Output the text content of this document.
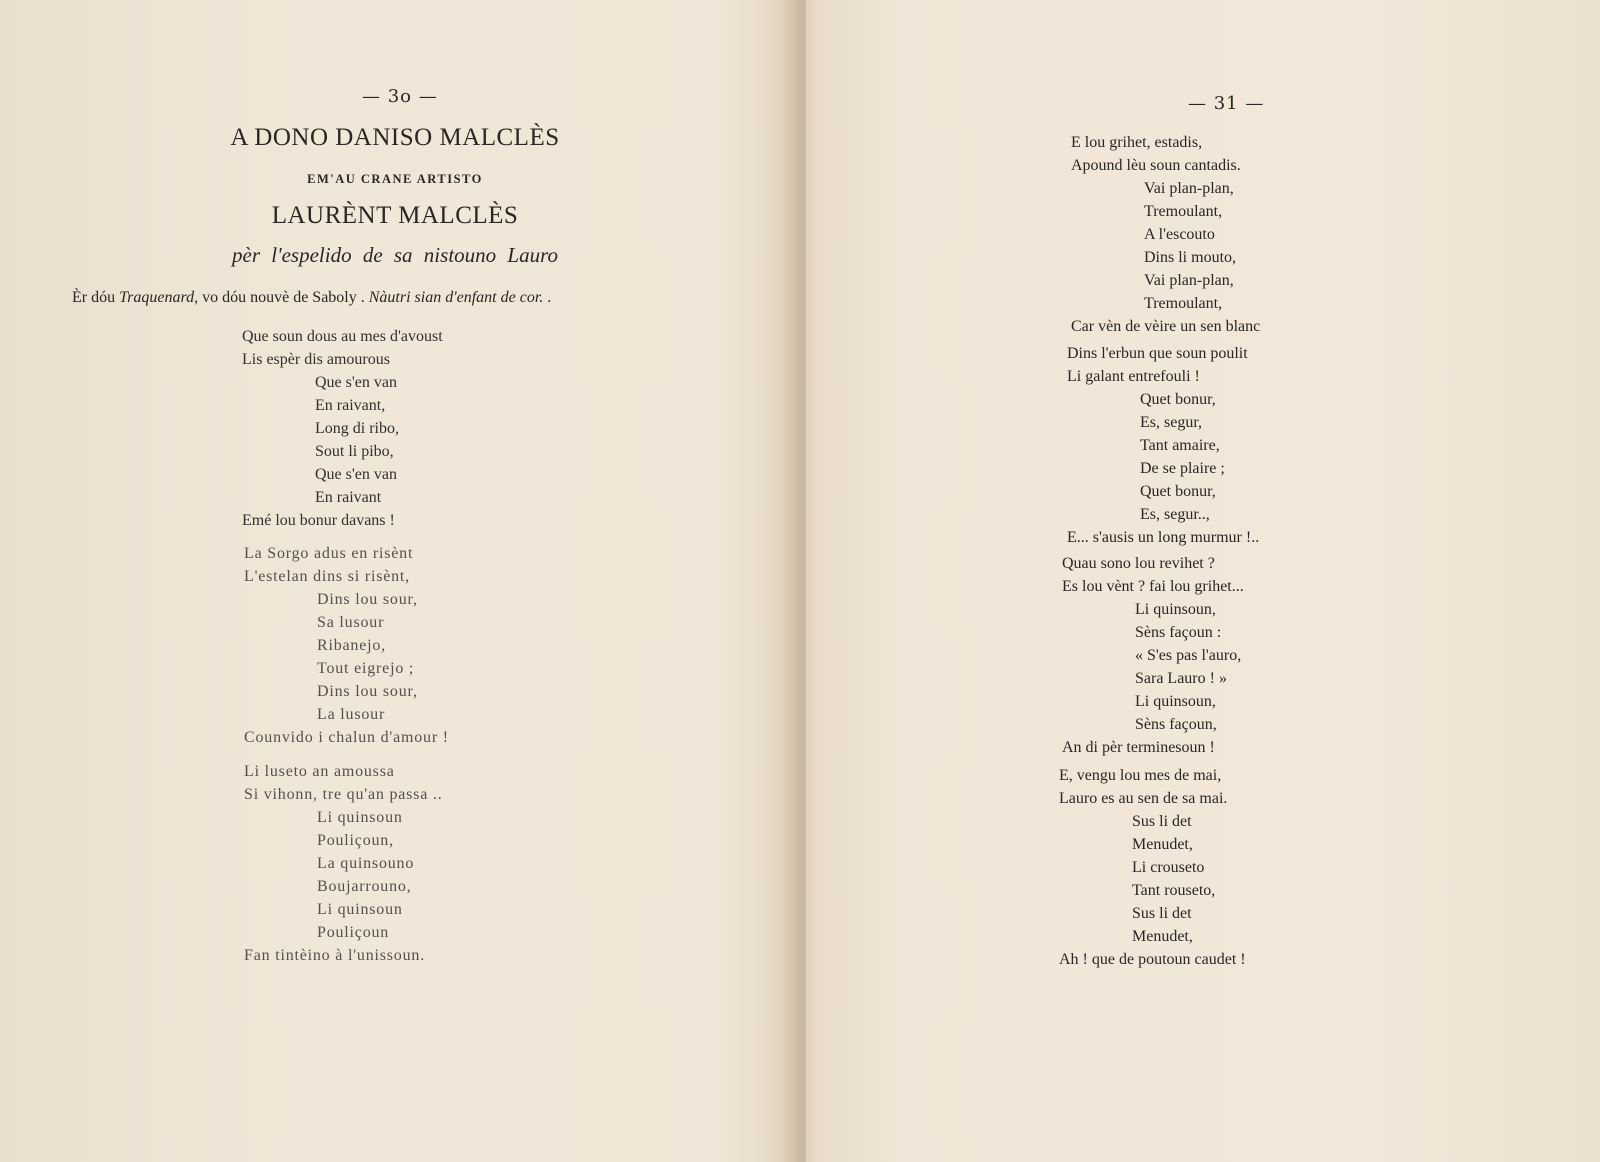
— 3o —
A DONO DANISO MALCLÈS
EM'AU CRANE ARTISTO
LAURÈNT MALCLÈS
pèr l'espelido de sa nistouno Lauro
Èr dóu Traquenard, vo dóu nouvè de Saboly . Nàutri sian d'enfant de cor. .
Que soun dous au mes d'avoust
Lis espèr dis amourous
Que s'en van
En raivant,
Long di ribo,
Sout li pibo,
Que s'en van
En raivant
Emé lou bonur davans !
La Sorgo adus en risènt
L'estelan dins si risènt,
Dins lou sour,
Sa lusour
Ribanejo,
Tout eigrejo ;
Dins lou sour,
La lusour
Counvido i chalun d'amour !
Li luseto an amoussa
Si vihonn, tre qu'an passa ..
Li quinsoun
Pouliçoun,
La quinsouno
Boujarrouno,
Li quinsoun
Pouliçoun
Fan tintèino à l'unissoun.
— 31 —
E lou grihet, estadis,
Apound lèu soun cantadis.
Vai plan-plan,
Tremoulant,
A l'escouto
Dins li mouto,
Vai plan-plan,
Tremoulant,
Car vèn de vèire un sen blanc
Dins l'erbun que soun poulit
Li galant entrefouli !
Quet bonur,
Es, segur,
Tant amaire,
De se plaire ;
Quet bonur,
Es, segur..,
E... s'ausis un long murmur !..
Quau sono lou revihet ?
Es lou vènt ? fai lou grihet...
Li quinsoun,
Sèns façoun :
« S'es pas l'auro,
Sara Lauro ! »
Li quinsoun,
Sèns façoun,
An di pèr terminesoun !
E, vengu lou mes de mai,
Lauro es au sen de sa mai.
Sus li det
Menudet,
Li crouseto
Tant rouseto,
Sus li det
Menudet,
Ah ! que de poutoun caudet !
